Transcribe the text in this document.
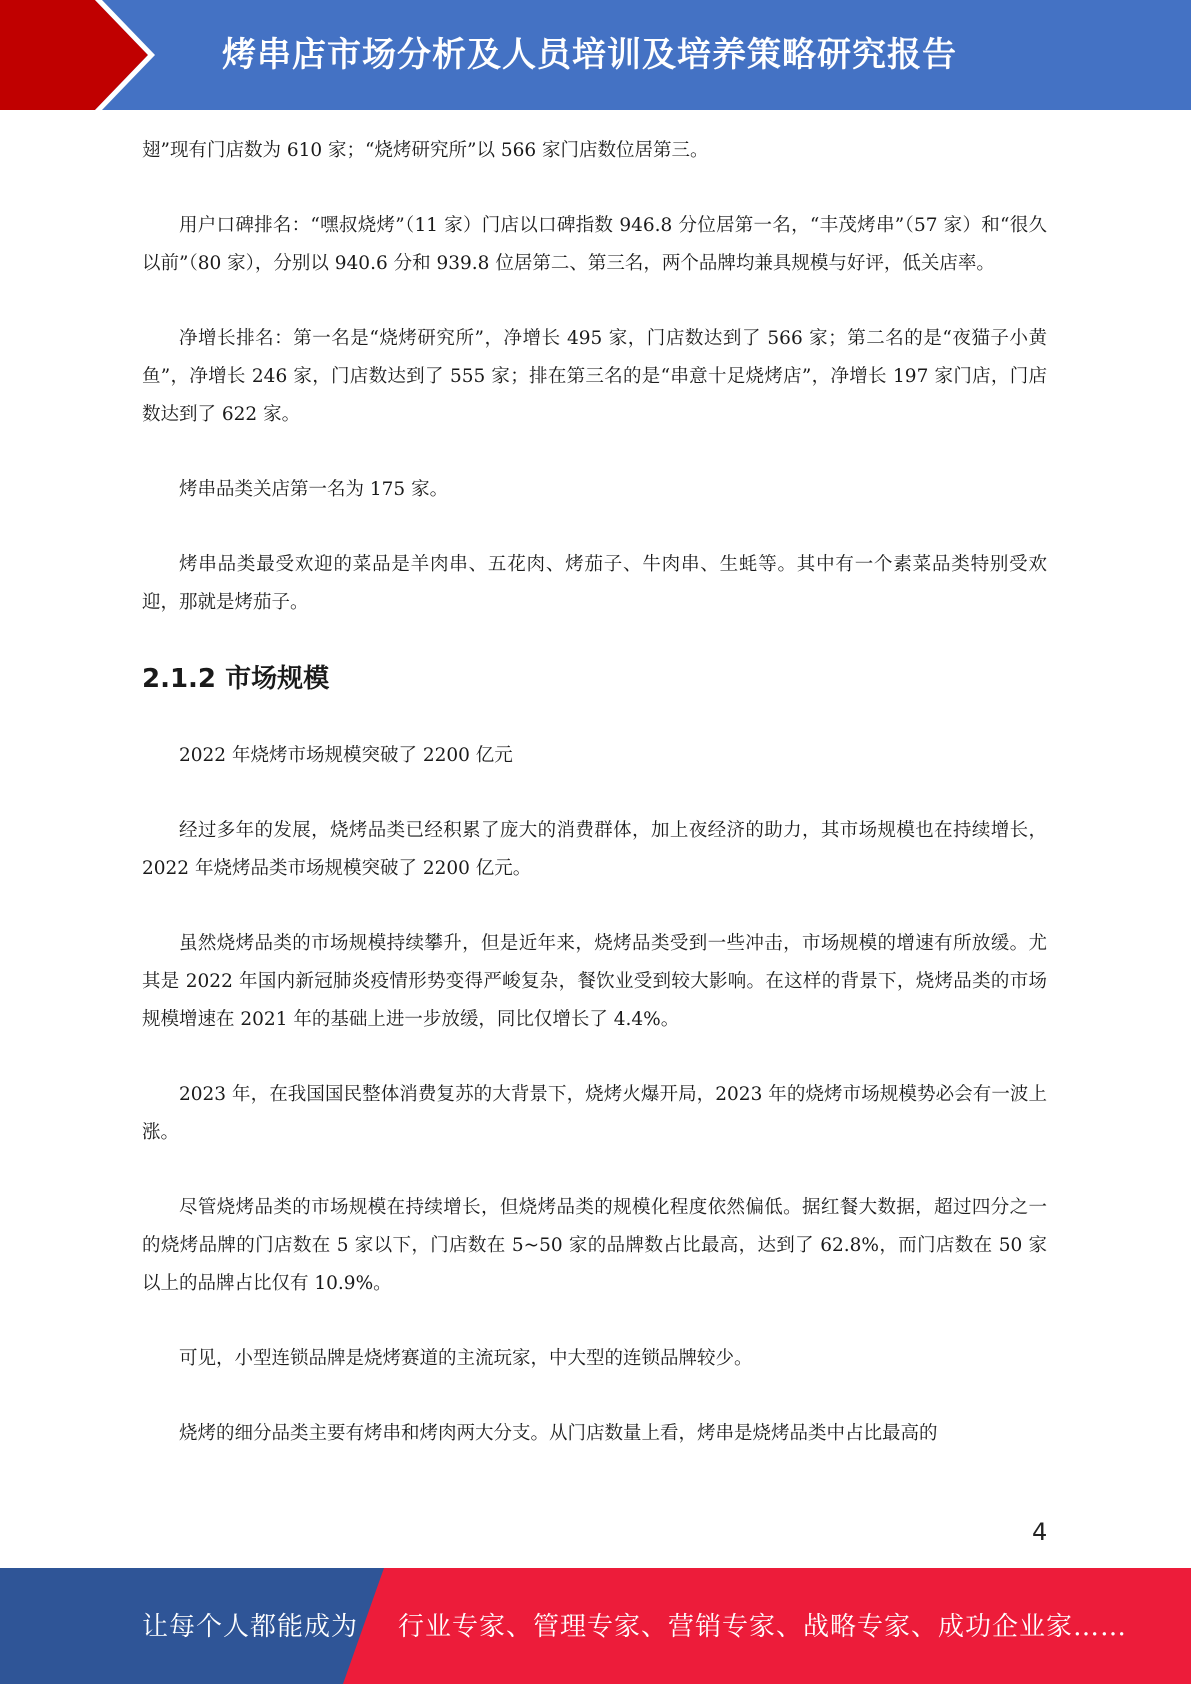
烤串店市场分析及人员培训及培养策略研究报告

翅”现有门店数为 610 家；“烧烤研究所”以 566 家门店数位居第三。

用户口碑排名：“嘿叔烧烤”（11 家）门店以口碑指数 946.8 分位居第一名，“丰茂烤串”（57 家）和“很久以前”（80 家），分别以 940.6 分和 939.8 位居第二、第三名，两个品牌均兼具规模与好评，低关店率。

净增长排名：第一名是“烧烤研究所”，净增长 495 家，门店数达到了 566 家；第二名的是“夜猫子小黄鱼”，净增长 246 家，门店数达到了 555 家；排在第三名的是“串意十足烧烤店”，净增长 197 家门店，门店数达到了 622 家。

烤串品类关店第一名为 175 家。

烤串品类最受欢迎的菜品是羊肉串、五花肉、烤茄子、牛肉串、生蚝等。其中有一个素菜品类特别受欢迎，那就是烤茄子。

2.1.2 市场规模

2022 年烧烤市场规模突破了 2200 亿元

经过多年的发展，烧烤品类已经积累了庞大的消费群体，加上夜经济的助力，其市场规模也在持续增长，2022 年烧烤品类市场规模突破了 2200 亿元。

虽然烧烤品类的市场规模持续攀升，但是近年来，烧烤品类受到一些冲击，市场规模的增速有所放缓。尤其是 2022 年国内新冠肺炎疫情形势变得严峻复杂，餐饮业受到较大影响。在这样的背景下，烧烤品类的市场规模增速在 2021 年的基础上进一步放缓，同比仅增长了 4.4%。

2023 年，在我国国民整体消费复苏的大背景下，烧烤火爆开局，2023 年的烧烤市场规模势必会有一波上涨。

尽管烧烤品类的市场规模在持续增长，但烧烤品类的规模化程度依然偏低。据红餐大数据，超过四分之一的烧烤品牌的门店数在 5 家以下，门店数在 5~50 家的品牌数占比最高，达到了 62.8%，而门店数在 50 家以上的品牌占比仅有 10.9%。

可见，小型连锁品牌是烧烤赛道的主流玩家，中大型的连锁品牌较少。

烧烤的细分品类主要有烤串和烤肉两大分支。从门店数量上看，烤串是烧烤品类中占比最高的

4
让每个人都能成为 行业专家、管理专家、营销专家、战略专家、成功企业家……
